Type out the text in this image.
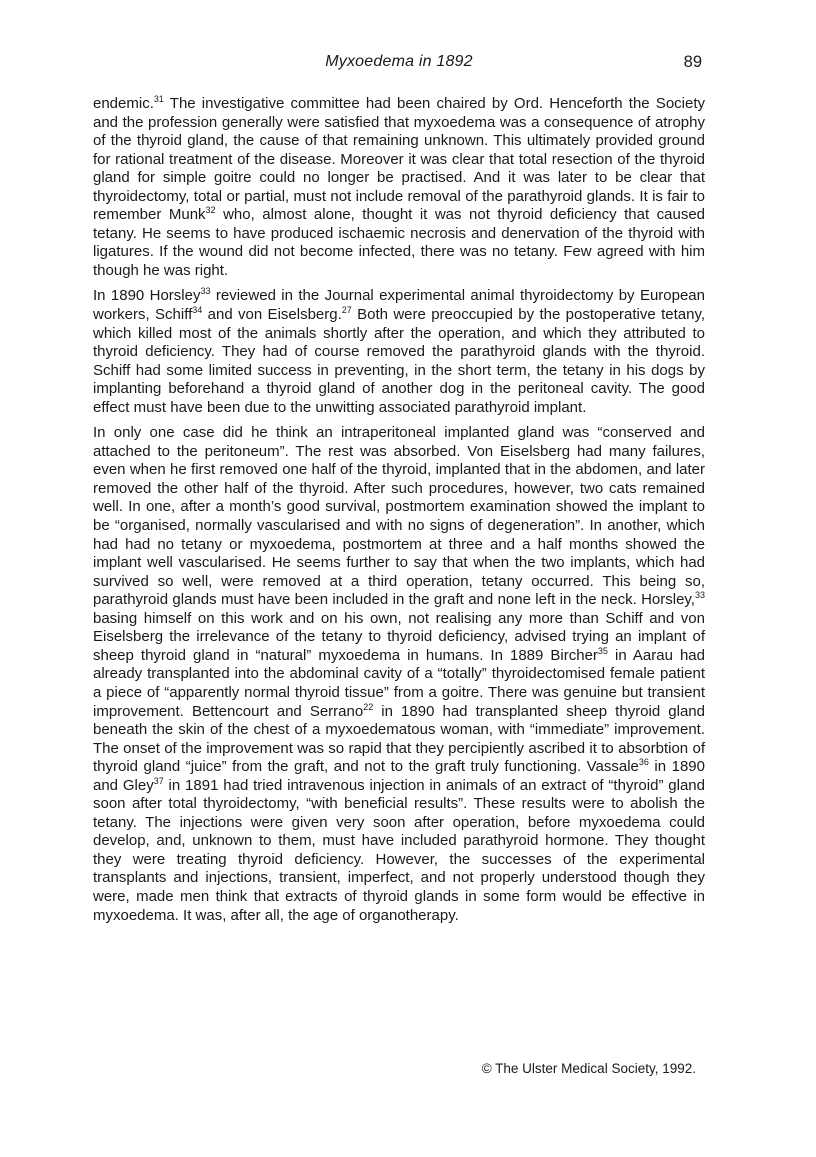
Myxoedema in 1892	89

endemic.$^{31}$ The investigative committee had been chaired by Ord. Henceforth the Society and the profession generally were satisfied that myxoedema was a consequence of atrophy of the thyroid gland, the cause of that remaining unknown. This ultimately provided ground for rational treatment of the disease. Moreover it was clear that total resection of the thyroid gland for simple goitre could no longer be practised. And it was later to be clear that thyroidectomy, total or partial, must not include removal of the parathyroid glands. It is fair to remember Munk$^{32}$ who, almost alone, thought it was not thyroid deficiency that caused tetany. He seems to have produced ischaemic necrosis and denervation of the thyroid with ligatures. If the wound did not become infected, there was no tetany. Few agreed with him though he was right.

In 1890 Horsley$^{33}$ reviewed in the Journal experimental animal thyroidectomy by European workers, Schiff$^{34}$ and von Eiselsberg.$^{27}$ Both were preoccupied by the postoperative tetany, which killed most of the animals shortly after the operation, and which they attributed to thyroid deficiency. They had of course removed the parathyroid glands with the thyroid. Schiff had some limited success in preventing, in the short term, the tetany in his dogs by implanting beforehand a thyroid gland of another dog in the peritoneal cavity. The good effect must have been due to the unwitting associated parathyroid implant.

In only one case did he think an intraperitoneal implanted gland was “conserved and attached to the peritoneum”. The rest was absorbed. Von Eiselsberg had many failures, even when he first removed one half of the thyroid, implanted that in the abdomen, and later removed the other half of the thyroid. After such procedures, however, two cats remained well. In one, after a month’s good survival, postmortem examination showed the implant to be “organised, normally vascularised and with no signs of degeneration”. In another, which had had no tetany or myxoedema, postmortem at three and a half months showed the implant well vascularised. He seems further to say that when the two implants, which had survived so well, were removed at a third operation, tetany occurred. This being so, parathyroid glands must have been included in the graft and none left in the neck. Horsley,$^{33}$ basing himself on this work and on his own, not realising any more than Schiff and von Eiselsberg the irrelevance of the tetany to thyroid deficiency, advised trying an implant of sheep thyroid gland in “natural” myxoedema in humans. In 1889 Bircher$^{35}$ in Aarau had already transplanted into the abdominal cavity of a “totally” thyroidectomised female patient a piece of “apparently normal thyroid tissue” from a goitre. There was genuine but transient improvement. Bettencourt and Serrano$^{22}$ in 1890 had transplanted sheep thyroid gland beneath the skin of the chest of a myxoedematous woman, with “immediate” improvement. The onset of the improvement was so rapid that they percipiently ascribed it to absorbtion of thyroid gland “juice” from the graft, and not to the graft truly functioning. Vassale$^{36}$ in 1890 and Gley$^{37}$ in 1891 had tried intravenous injection in animals of an extract of “thyroid” gland soon after total thyroidectomy, “with beneficial results”. These results were to abolish the tetany. The injections were given very soon after operation, before myxoedema could develop, and, unknown to them, must have included parathyroid hormone. They thought they were treating thyroid deficiency. However, the successes of the experimental transplants and injections, transient, imperfect, and not properly understood though they were, made men think that extracts of thyroid glands in some form would be effective in myxoedema. It was, after all, the age of organotherapy.

© The Ulster Medical Society, 1992.
